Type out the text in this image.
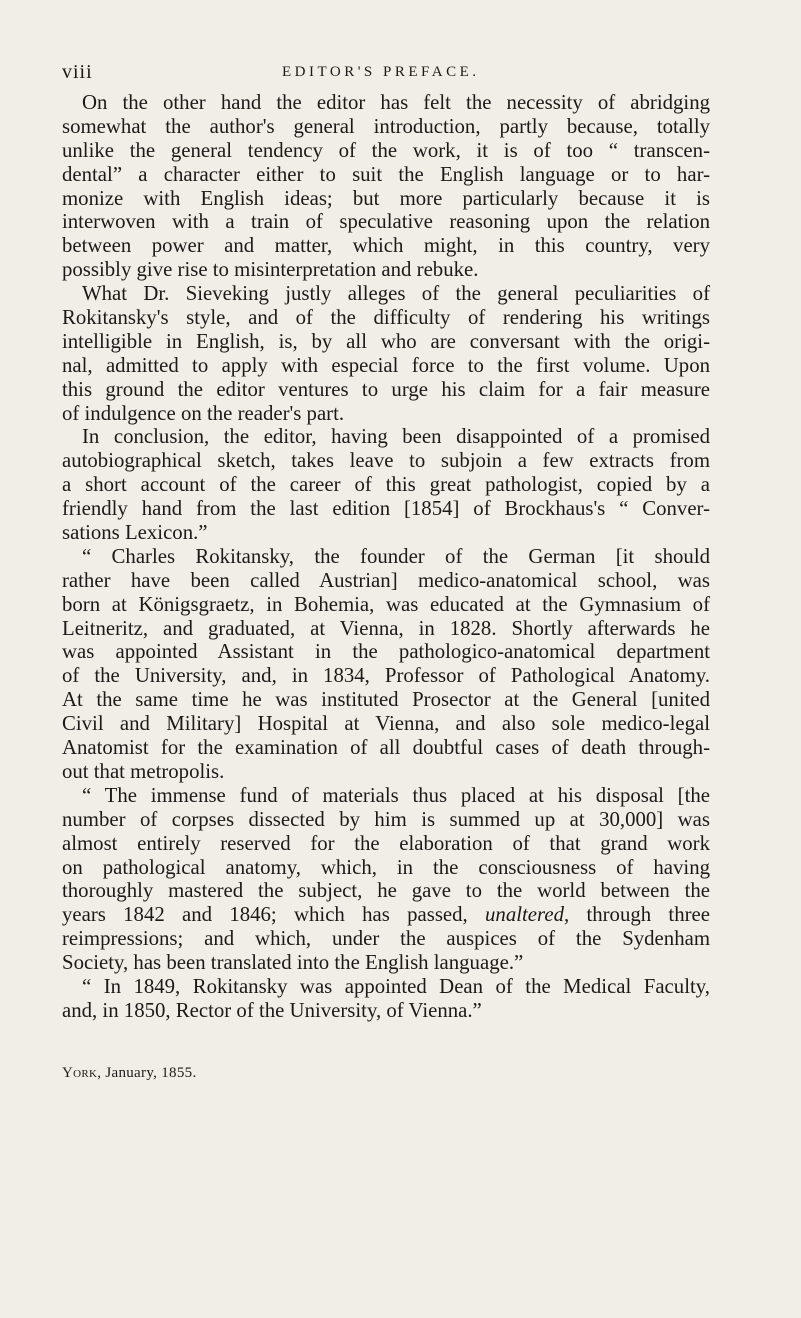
viii	EDITOR'S PREFACE.
On the other hand the editor has felt the necessity of abridging
somewhat the author's general introduction, partly because, totally
unlike the general tendency of the work, it is of too “ transcen-
dental” a character either to suit the English language or to har-
monize with English ideas; but more particularly because it is
interwoven with a train of speculative reasoning upon the relation
between power and matter, which might, in this country, very
possibly give rise to misinterpretation and rebuke.
What Dr. Sieveking justly alleges of the general peculiarities of
Rokitansky's style, and of the difficulty of rendering his writings
intelligible in English, is, by all who are conversant with the origi-
nal, admitted to apply with especial force to the first volume. Upon
this ground the editor ventures to urge his claim for a fair measure
of indulgence on the reader's part.
In conclusion, the editor, having been disappointed of a promised
autobiographical sketch, takes leave to subjoin a few extracts from
a short account of the career of this great pathologist, copied by a
friendly hand from the last edition [1854] of Brockhaus's “ Conver-
sations Lexicon.”
“ Charles Rokitansky, the founder of the German [it should
rather have been called Austrian] medico-anatomical school, was
born at Königsgraetz, in Bohemia, was educated at the Gymnasium of
Leitneritz, and graduated, at Vienna, in 1828. Shortly afterwards he
was appointed Assistant in the pathologico-anatomical department
of the University, and, in 1834, Professor of Pathological Anatomy.
At the same time he was instituted Prosector at the General [united
Civil and Military] Hospital at Vienna, and also sole medico-legal
Anatomist for the examination of all doubtful cases of death through-
out that metropolis.
“ The immense fund of materials thus placed at his disposal [the
number of corpses dissected by him is summed up at 30,000] was
almost entirely reserved for the elaboration of that grand work
on pathological anatomy, which, in the consciousness of having
thoroughly mastered the subject, he gave to the world between the
years 1842 and 1846; which has passed, unaltered, through three
reimpressions; and which, under the auspices of the Sydenham
Society, has been translated into the English language.”
“ In 1849, Rokitansky was appointed Dean of the Medical Faculty,
and, in 1850, Rector of the University, of Vienna.”
York, January, 1855.
